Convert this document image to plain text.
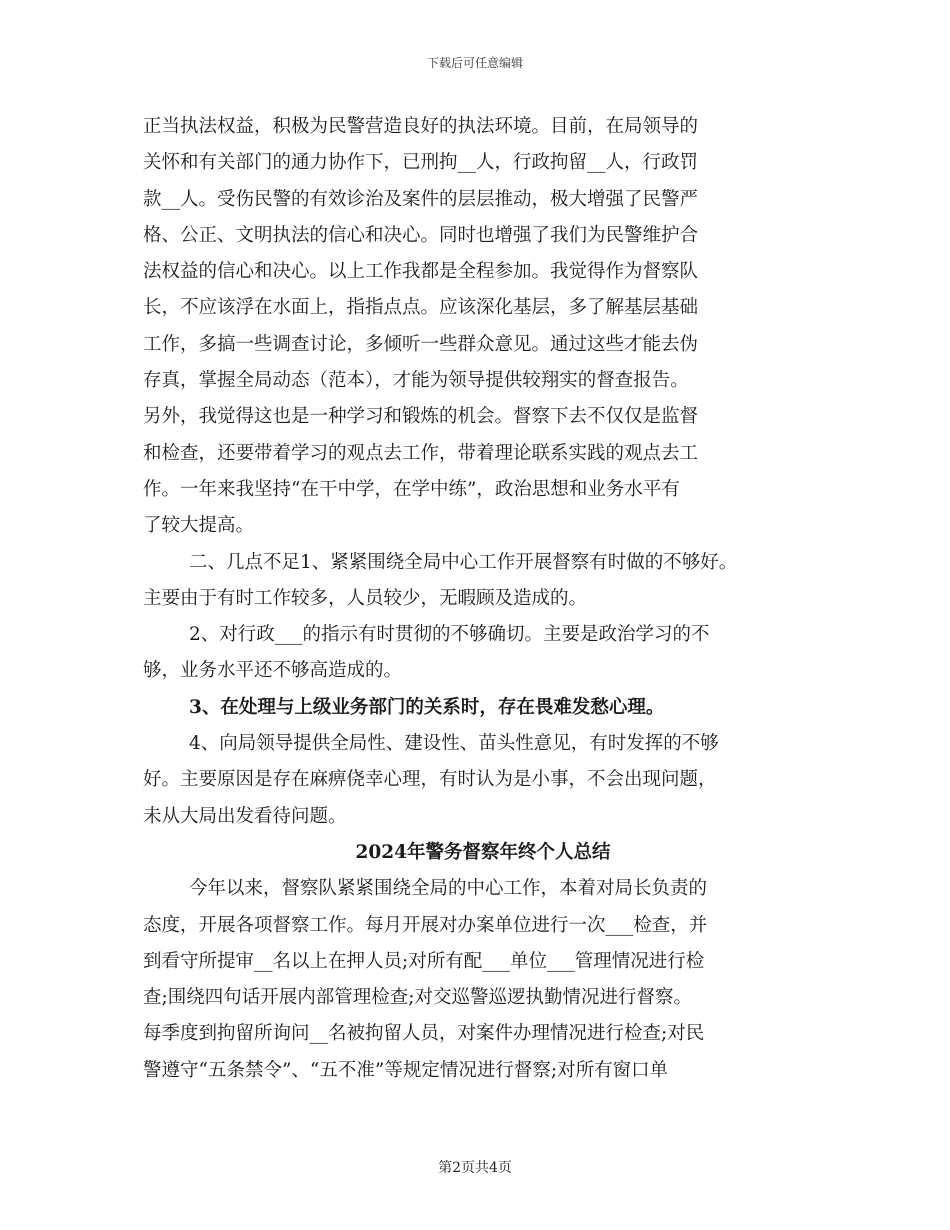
下载后可任意编辑
正当执法权益，积极为民警营造良好的执法环境。目前，在局领导的
关怀和有关部门的通力协作下，已刑拘__人，行政拘留__人，行政罚
款__人。受伤民警的有效诊治及案件的层层推动，极大增强了民警严
格、公正、文明执法的信心和决心。同时也增强了我们为民警维护合
法权益的信心和决心。以上工作我都是全程参加。我觉得作为督察队
长，不应该浮在水面上，指指点点。应该深化基层，多了解基层基础
工作，多搞一些调查讨论，多倾听一些群众意见。通过这些才能去伪
存真，掌握全局动态（范本），才能为领导提供较翔实的督查报告。
另外，我觉得这也是一种学习和锻炼的机会。督察下去不仅仅是监督
和检查，还要带着学习的观点去工作，带着理论联系实践的观点去工
作。一年来我坚持“在干中学，在学中练”，政治思想和业务水平有
了较大提高。
二、几点不足1、紧紧围绕全局中心工作开展督察有时做的不够好。
主要由于有时工作较多，人员较少，无暇顾及造成的。
2、对行政___的指示有时贯彻的不够确切。主要是政治学习的不
够，业务水平还不够高造成的。
3、在处理与上级业务部门的关系时，存在畏难发愁心理。
4、向局领导提供全局性、建设性、苗头性意见，有时发挥的不够
好。主要原因是存在麻痹侥幸心理，有时认为是小事，不会出现问题，
未从大局出发看待问题。
2024年警务督察年终个人总结
今年以来，督察队紧紧围绕全局的中心工作，本着对局长负责的
态度，开展各项督察工作。每月开展对办案单位进行一次___检查，并
到看守所提审__名以上在押人员;对所有配___单位___管理情况进行检
查;围绕四句话开展内部管理检查;对交巡警巡逻执勤情况进行督察。
每季度到拘留所询问__名被拘留人员，对案件办理情况进行检查;对民
警遵守“五条禁令”、“五不准”等规定情况进行督察;对所有窗口单
第2页共4页
